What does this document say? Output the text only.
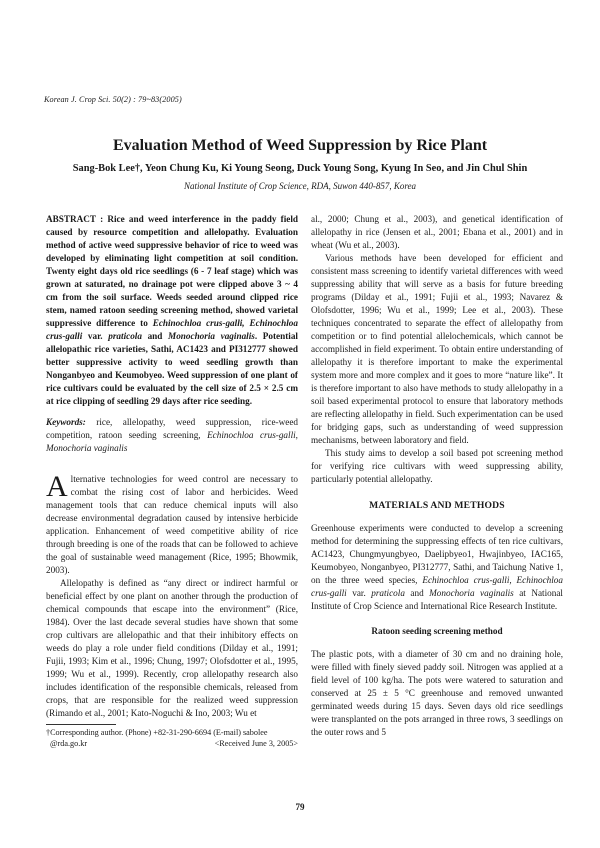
Korean J. Crop Sci. 50(2) : 79~83(2005)
Evaluation Method of Weed Suppression by Rice Plant
Sang-Bok Lee†, Yeon Chung Ku, Ki Young Seong, Duck Young Song, Kyung In Seo, and Jin Chul Shin
National Institute of Crop Science, RDA, Suwon 440-857, Korea

ABSTRACT : Rice and weed interference in the paddy field caused by resource competition and allelopathy. Evaluation method of active weed suppressive behavior of rice to weed was developed by eliminating light competition at soil condition. Twenty eight days old rice seedlings (6 - 7 leaf stage) which was grown at saturated, no drainage pot were clipped above 3 ~ 4 cm from the soil surface. Weeds seeded around clipped rice stem, named ratoon seeding screening method, showed varietal suppressive difference to Echinochloa crus-galli, Echinochloa crus-galli var. praticola and Monochoria vaginalis. Potential allelopathic rice varieties, Sathi, AC1423 and PI312777 showed better suppressive activity to weed seedling growth than Nonganbyeo and Keumobyeo. Weed suppression of one plant of rice cultivars could be evaluated by the cell size of 2.5 × 2.5 cm at rice clipping of seedling 29 days after rice seeding.

Keywords: rice, allelopathy, weed suppression, rice-weed competition, ratoon seeding screening, Echinochloa crus-galli, Monochoria vaginalis

Alternative technologies for weed control are necessary to combat the rising cost of labor and herbicides. Weed management tools that can reduce chemical inputs will also decrease environmental degradation caused by intensive herbicide application. Enhancement of weed competitive ability of rice through breeding is one of the roads that can be followed to achieve the goal of sustainable weed management (Rice, 1995; Bhowmik, 2003).

Allelopathy is defined as “any direct or indirect harmful or beneficial effect by one plant on another through the production of chemical compounds that escape into the environment” (Rice, 1984). Over the last decade several studies have shown that some crop cultivars are allelopathic and that their inhibitory effects on weeds do play a role under field conditions (Dilday et al., 1991; Fujii, 1993; Kim et al., 1996; Chung, 1997; Olofsdotter et al., 1995, 1999; Wu et al., 1999). Recently, crop allelopathy research also includes identification of the responsible chemicals, released from crops, that are responsible for the realized weed suppression (Rimando et al., 2001; Kato-Noguchi & Ino, 2003; Wu et

†Corresponding author. (Phone) +82-31-290-6694 (E-mail) sabolee
@rda.go.kr	<Received June 3, 2005>

al., 2000; Chung et al., 2003), and genetical identification of allelopathy in rice (Jensen et al., 2001; Ebana et al., 2001) and in wheat (Wu et al., 2003).

Various methods have been developed for efficient and consistent mass screening to identify varietal differences with weed suppressing ability that will serve as a basis for future breeding programs (Dilday et al., 1991; Fujii et al., 1993; Navarez & Olofsdotter, 1996; Wu et al., 1999; Lee et al., 2003). These techniques concentrated to separate the effect of allelopathy from competition or to find potential allelochemicals, which cannot be accomplished in field experiment. To obtain entire understanding of allelopathy it is therefore important to make the experimental system more and more complex and it goes to more “nature like”. It is therefore important to also have methods to study allelopathy in a soil based experimental protocol to ensure that laboratory methods are reflecting allelopathy in field. Such experimentation can be used for bridging gaps, such as understanding of weed suppression mechanisms, between laboratory and field.

This study aims to develop a soil based pot screening method for verifying rice cultivars with weed suppressing ability, particularly potential allelopathy.

MATERIALS AND METHODS

Greenhouse experiments were conducted to develop a screening method for determining the suppressing effects of ten rice cultivars, AC1423, Chungmyungbyeo, Daelipbyeo1, Hwajinbyeo, IAC165, Keumobyeo, Nonganbyeo, PI312777, Sathi, and Taichung Native 1, on the three weed species, Echinochloa crus-galli, Echinochloa crus-galli var. praticola and Monochoria vaginalis at National Institute of Crop Science and International Rice Research Institute.

Ratoon seeding screening method

The plastic pots, with a diameter of 30 cm and no draining hole, were filled with finely sieved paddy soil. Nitrogen was applied at a field level of 100 kg/ha. The pots were watered to saturation and conserved at 25 ± 5 °C greenhouse and removed unwanted germinated weeds during 15 days. Seven days old rice seedlings were transplanted on the pots arranged in three rows, 3 seedlings on the outer rows and 5

79
